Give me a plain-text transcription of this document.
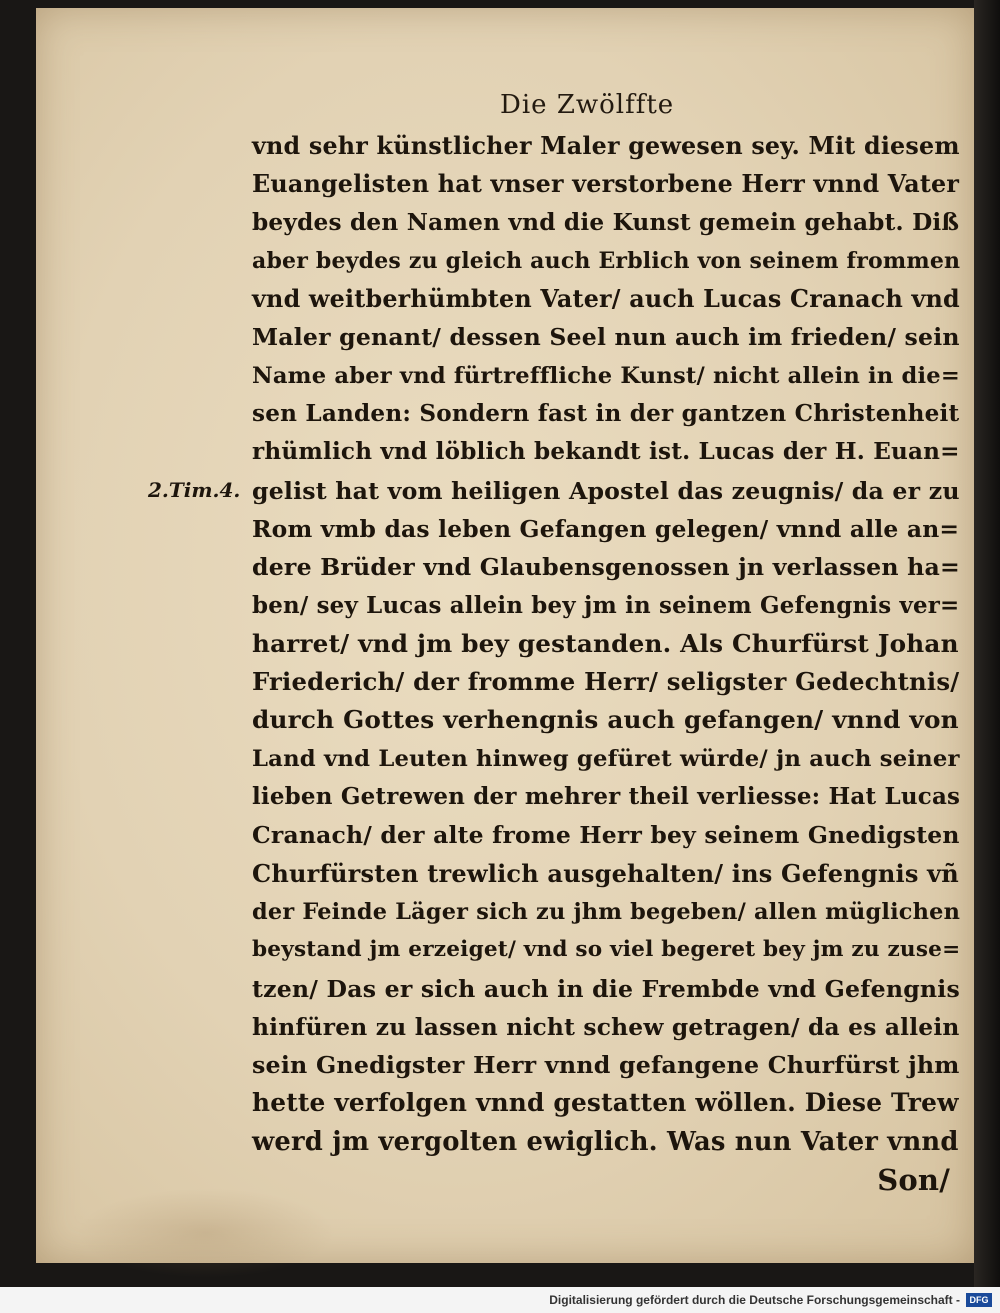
Die Zwölffte
2.Tim.4.
vnd sehr künstlicher Maler gewesen sey. Mit diesem
Euangelisten hat vnser verstorbene Herr vnnd Vater
beydes den Namen vnd die Kunst gemein gehabt. Diß
aber beydes zu gleich auch Erblich von seinem frommen
vnd weitberhümbten Vater/ auch Lucas Cranach vnd
Maler genant/ dessen Seel nun auch im frieden/ sein
Name aber vnd fürtreffliche Kunst/ nicht allein in die=
sen Landen: Sondern fast in der gantzen Christenheit
rhümlich vnd löblich bekandt ist. Lucas der H. Euan=
gelist hat vom heiligen Apostel das zeugnis/ da er zu
Rom vmb das leben Gefangen gelegen/ vnnd alle an=
dere Brüder vnd Glaubensgenossen jn verlassen ha=
ben/ sey Lucas allein bey jm in seinem Gefengnis ver=
harret/ vnd jm bey gestanden. Als Churfürst Johan
Friederich/ der fromme Herr/ seligster Gedechtnis/
durch Gottes verhengnis auch gefangen/ vnnd von
Land vnd Leuten hinweg gefüret würde/ jn auch seiner
lieben Getrewen der mehrer theil verliesse: Hat Lucas
Cranach/ der alte frome Herr bey seinem Gnedigsten
Churfürsten trewlich ausgehalten/ ins Gefengnis vñ
der Feinde Läger sich zu jhm begeben/ allen müglichen
beystand jm erzeiget/ vnd so viel begeret bey jm zu zuse=
tzen/ Das er sich auch in die Frembde vnd Gefengnis
hinfüren zu lassen nicht schew getragen/ da es allein
sein Gnedigster Herr vnnd gefangene Churfürst jhm
hette verfolgen vnnd gestatten wöllen. Diese Trew
werd jm vergolten ewiglich. Was nun Vater vnnd
Son/
Digitalisierung gefördert durch die Deutsche Forschungsgemeinschaft -	DFG
